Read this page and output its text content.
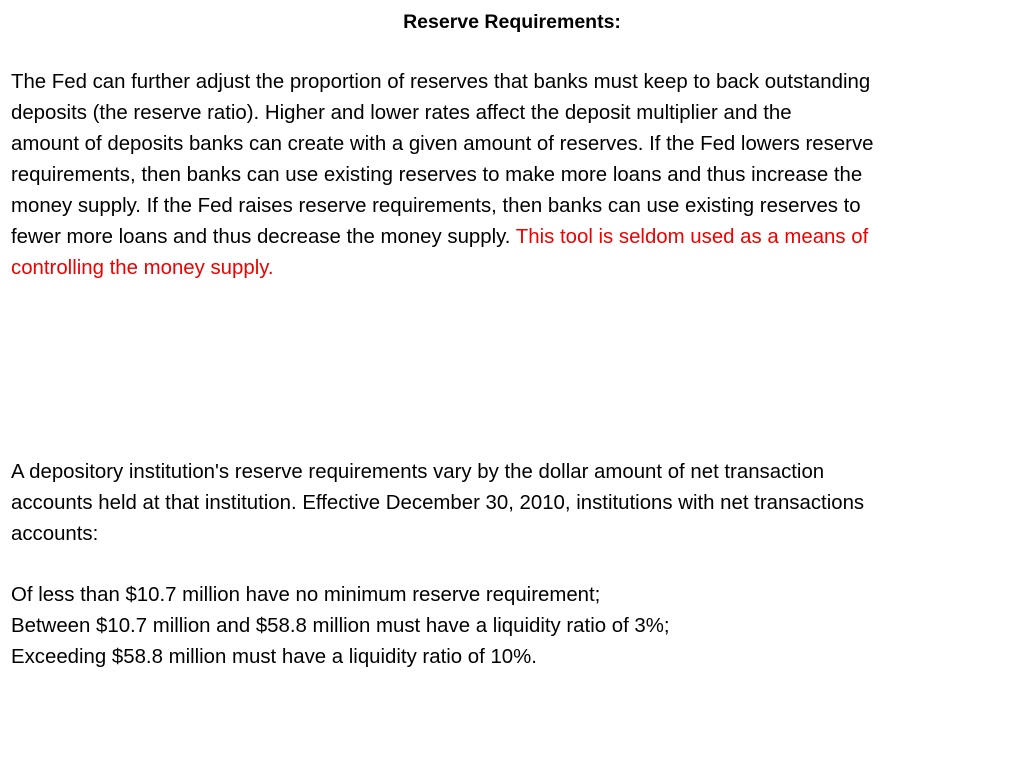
Reserve Requirements:
The Fed can further adjust the proportion of reserves that banks must keep to back outstanding
deposits (the reserve ratio). Higher and lower rates affect the deposit multiplier and the
amount of deposits banks can create with a given amount of reserves. If the Fed lowers reserve
requirements, then banks can use existing reserves to make more loans and thus increase the
money supply. If the Fed raises reserve requirements, then banks can use existing reserves to
fewer more loans and thus decrease the money supply. This tool is seldom used as a means of
controlling the money supply.
A depository institution's reserve requirements vary by the dollar amount of net transaction
accounts held at that institution. Effective December 30, 2010, institutions with net transactions
accounts:
Of less than $10.7 million have no minimum reserve requirement;
Between $10.7 million and $58.8 million must have a liquidity ratio of 3%;
Exceeding $58.8 million must have a liquidity ratio of 10%.
